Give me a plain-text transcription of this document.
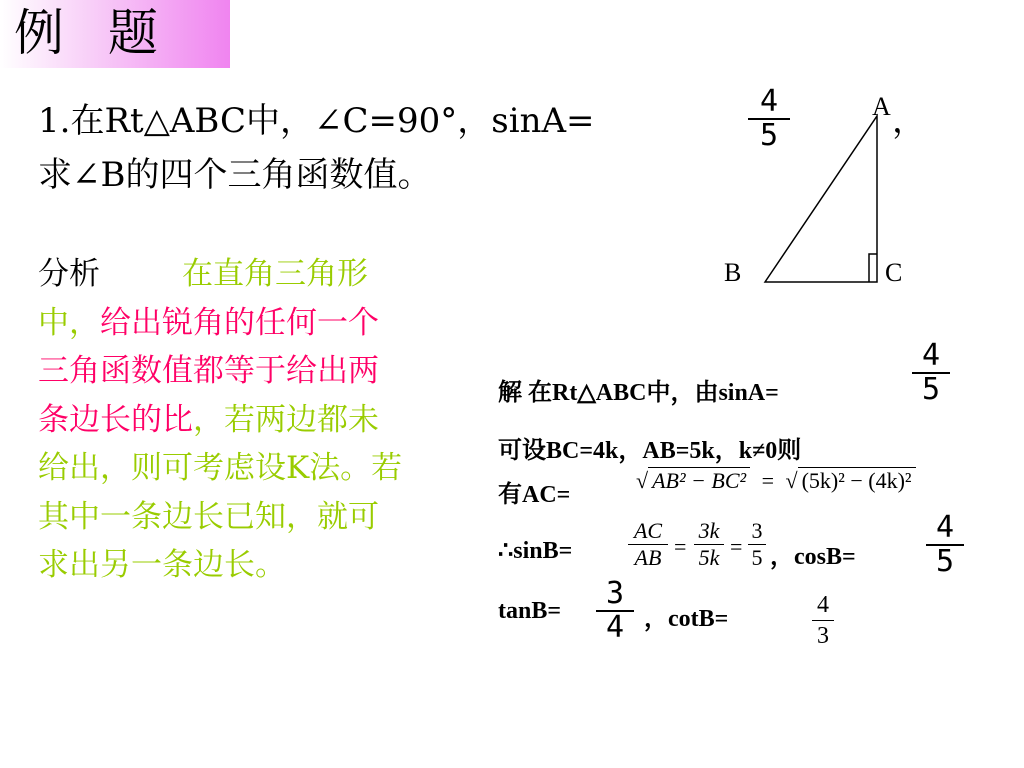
例 题
1.在Rt△ABC中，∠C=90°，sinA=	4
5	，
求∠B的四个三角函数值。
A
B	C
分析	在直角三角形中，给出锐角的任何一个三角函数值都等于给出两条边长的比，若两边都未给出，则可考虑设K法。若其中一条边长已知，就可求出另一条边长。
解 在Rt△ABC中，由sinA=
4
5
可设BC=4k，AB=5k，k≠0则
有AC=
√ AB² − BC² = √ (5k)² − (4k)²
∴sinB=
AC
AB =
3k
5k =
3
5 ，cosB=
4
5
tanB= 3
4 ，cotB=
4
3
